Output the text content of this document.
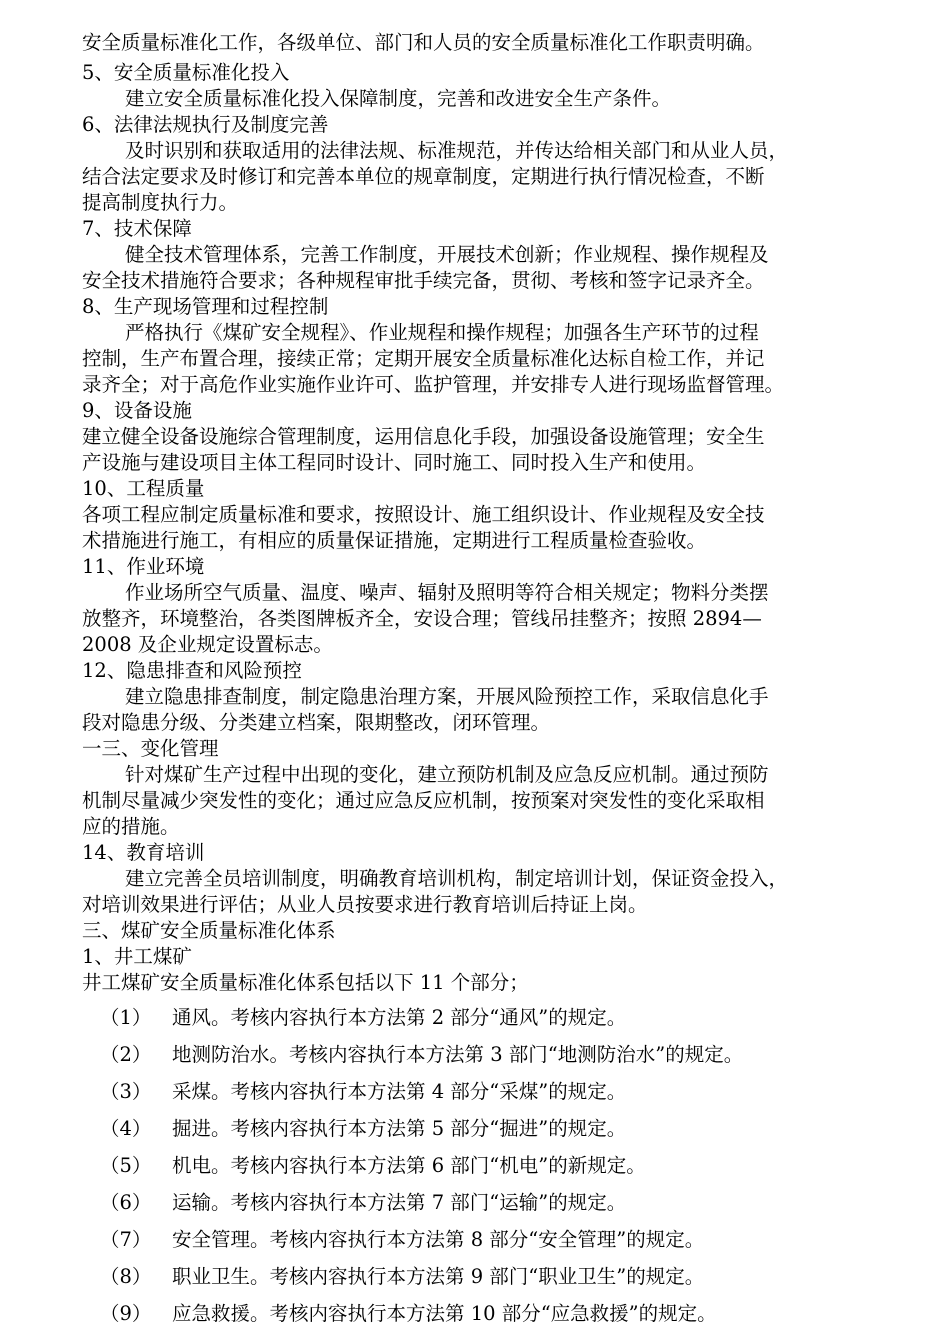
安全质量标准化工作，各级单位、部门和人员的安全质量标准化工作职责明确。
5、安全质量标准化投入
建立安全质量标准化投入保障制度，完善和改进安全生产条件。
6、法律法规执行及制度完善
及时识别和获取适用的法律法规、标准规范，并传达给相关部门和从业人员，
结合法定要求及时修订和完善本单位的规章制度，定期进行执行情况检查，不断
提高制度执行力。
7、技术保障
健全技术管理体系，完善工作制度，开展技术创新；作业规程、操作规程及
安全技术措施符合要求；各种规程审批手续完备，贯彻、考核和签字记录齐全。
8、生产现场管理和过程控制
严格执行《煤矿安全规程》、作业规程和操作规程；加强各生产环节的过程
控制，生产布置合理，接续正常；定期开展安全质量标准化达标自检工作，并记
录齐全；对于高危作业实施作业许可、监护管理，并安排专人进行现场监督管理。
9、设备设施
建立健全设备设施综合管理制度，运用信息化手段，加强设备设施管理；安全生
产设施与建设项目主体工程同时设计、同时施工、同时投入生产和使用。
10、工程质量
各项工程应制定质量标准和要求，按照设计、施工组织设计、作业规程及安全技
术措施进行施工，有相应的质量保证措施，定期进行工程质量检查验收。
11、作业环境
作业场所空气质量、温度、噪声、辐射及照明等符合相关规定；物料分类摆
放整齐，环境整治，各类图牌板齐全，安设合理；管线吊挂整齐；按照 2894—
2008 及企业规定设置标志。
12、隐患排查和风险预控
建立隐患排查制度，制定隐患治理方案，开展风险预控工作，采取信息化手
段对隐患分级、分类建立档案，限期整改，闭环管理。
一三、变化管理
针对煤矿生产过程中出现的变化，建立预防机制及应急反应机制。通过预防
机制尽量减少突发性的变化；通过应急反应机制，按预案对突发性的变化采取相
应的措施。
14、教育培训
建立完善全员培训制度，明确教育培训机构，制定培训计划，保证资金投入，
对培训效果进行评估；从业人员按要求进行教育培训后持证上岗。
三、煤矿安全质量标准化体系
1、井工煤矿
井工煤矿安全质量标准化体系包括以下 11 个部分；
（1）	通风。考核内容执行本方法第 2 部分“通风”的规定。
（2）	地测防治水。考核内容执行本方法第 3 部门“地测防治水”的规定。
（3）	采煤。考核内容执行本方法第 4 部分“采煤”的规定。
（4）	掘进。考核内容执行本方法第 5 部分“掘进”的规定。
（5）	机电。考核内容执行本方法第 6 部门“机电”的新规定。
（6）	运输。考核内容执行本方法第 7 部门“运输”的规定。
（7）	安全管理。考核内容执行本方法第 8 部分“安全管理”的规定。
（8）	职业卫生。考核内容执行本方法第 9 部门“职业卫生”的规定。
（9）	应急救援。考核内容执行本方法第 10 部分“应急救援”的规定。
